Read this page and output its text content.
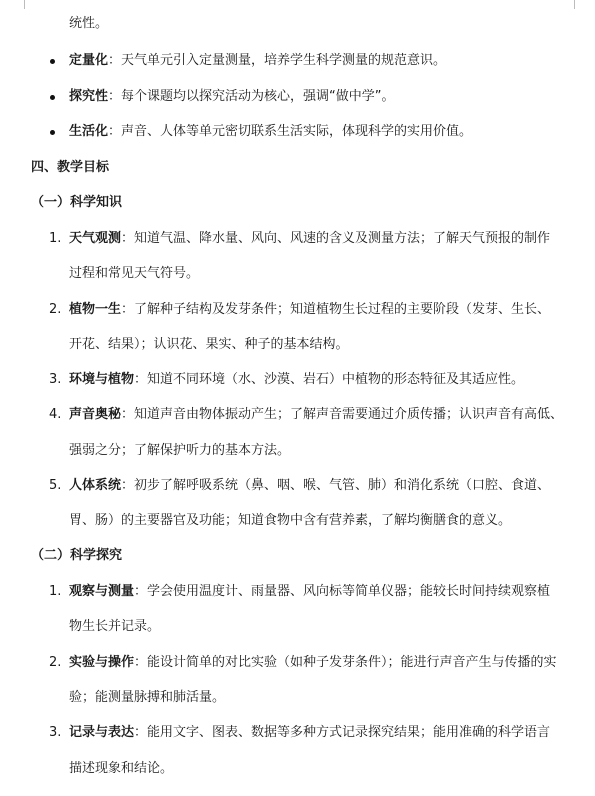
统性。
定量化：天气单元引入定量测量，培养学生科学测量的规范意识。
探究性：每个课题均以探究活动为核心，强调“做中学”。
生活化：声音、人体等单元密切联系生活实际，体现科学的实用价值。
四、教学目标
（一）科学知识
1. 天气观测：知道气温、降水量、风向、风速的含义及测量方法；了解天气预报的制作
过程和常见天气符号。
2. 植物一生：了解种子结构及发芽条件；知道植物生长过程的主要阶段（发芽、生长、
开花、结果）；认识花、果实、种子的基本结构。
3. 环境与植物：知道不同环境（水、沙漠、岩石）中植物的形态特征及其适应性。
4. 声音奥秘：知道声音由物体振动产生；了解声音需要通过介质传播；认识声音有高低、
强弱之分；了解保护听力的基本方法。
5. 人体系统：初步了解呼吸系统（鼻、咽、喉、气管、肺）和消化系统（口腔、食道、
胃、肠）的主要器官及功能；知道食物中含有营养素，了解均衡膳食的意义。
（二）科学探究
1. 观察与测量：学会使用温度计、雨量器、风向标等简单仪器；能较长时间持续观察植
物生长并记录。
2. 实验与操作：能设计简单的对比实验（如种子发芽条件）；能进行声音产生与传播的实
验；能测量脉搏和肺活量。
3. 记录与表达：能用文字、图表、数据等多种方式记录探究结果；能用准确的科学语言
描述现象和结论。
